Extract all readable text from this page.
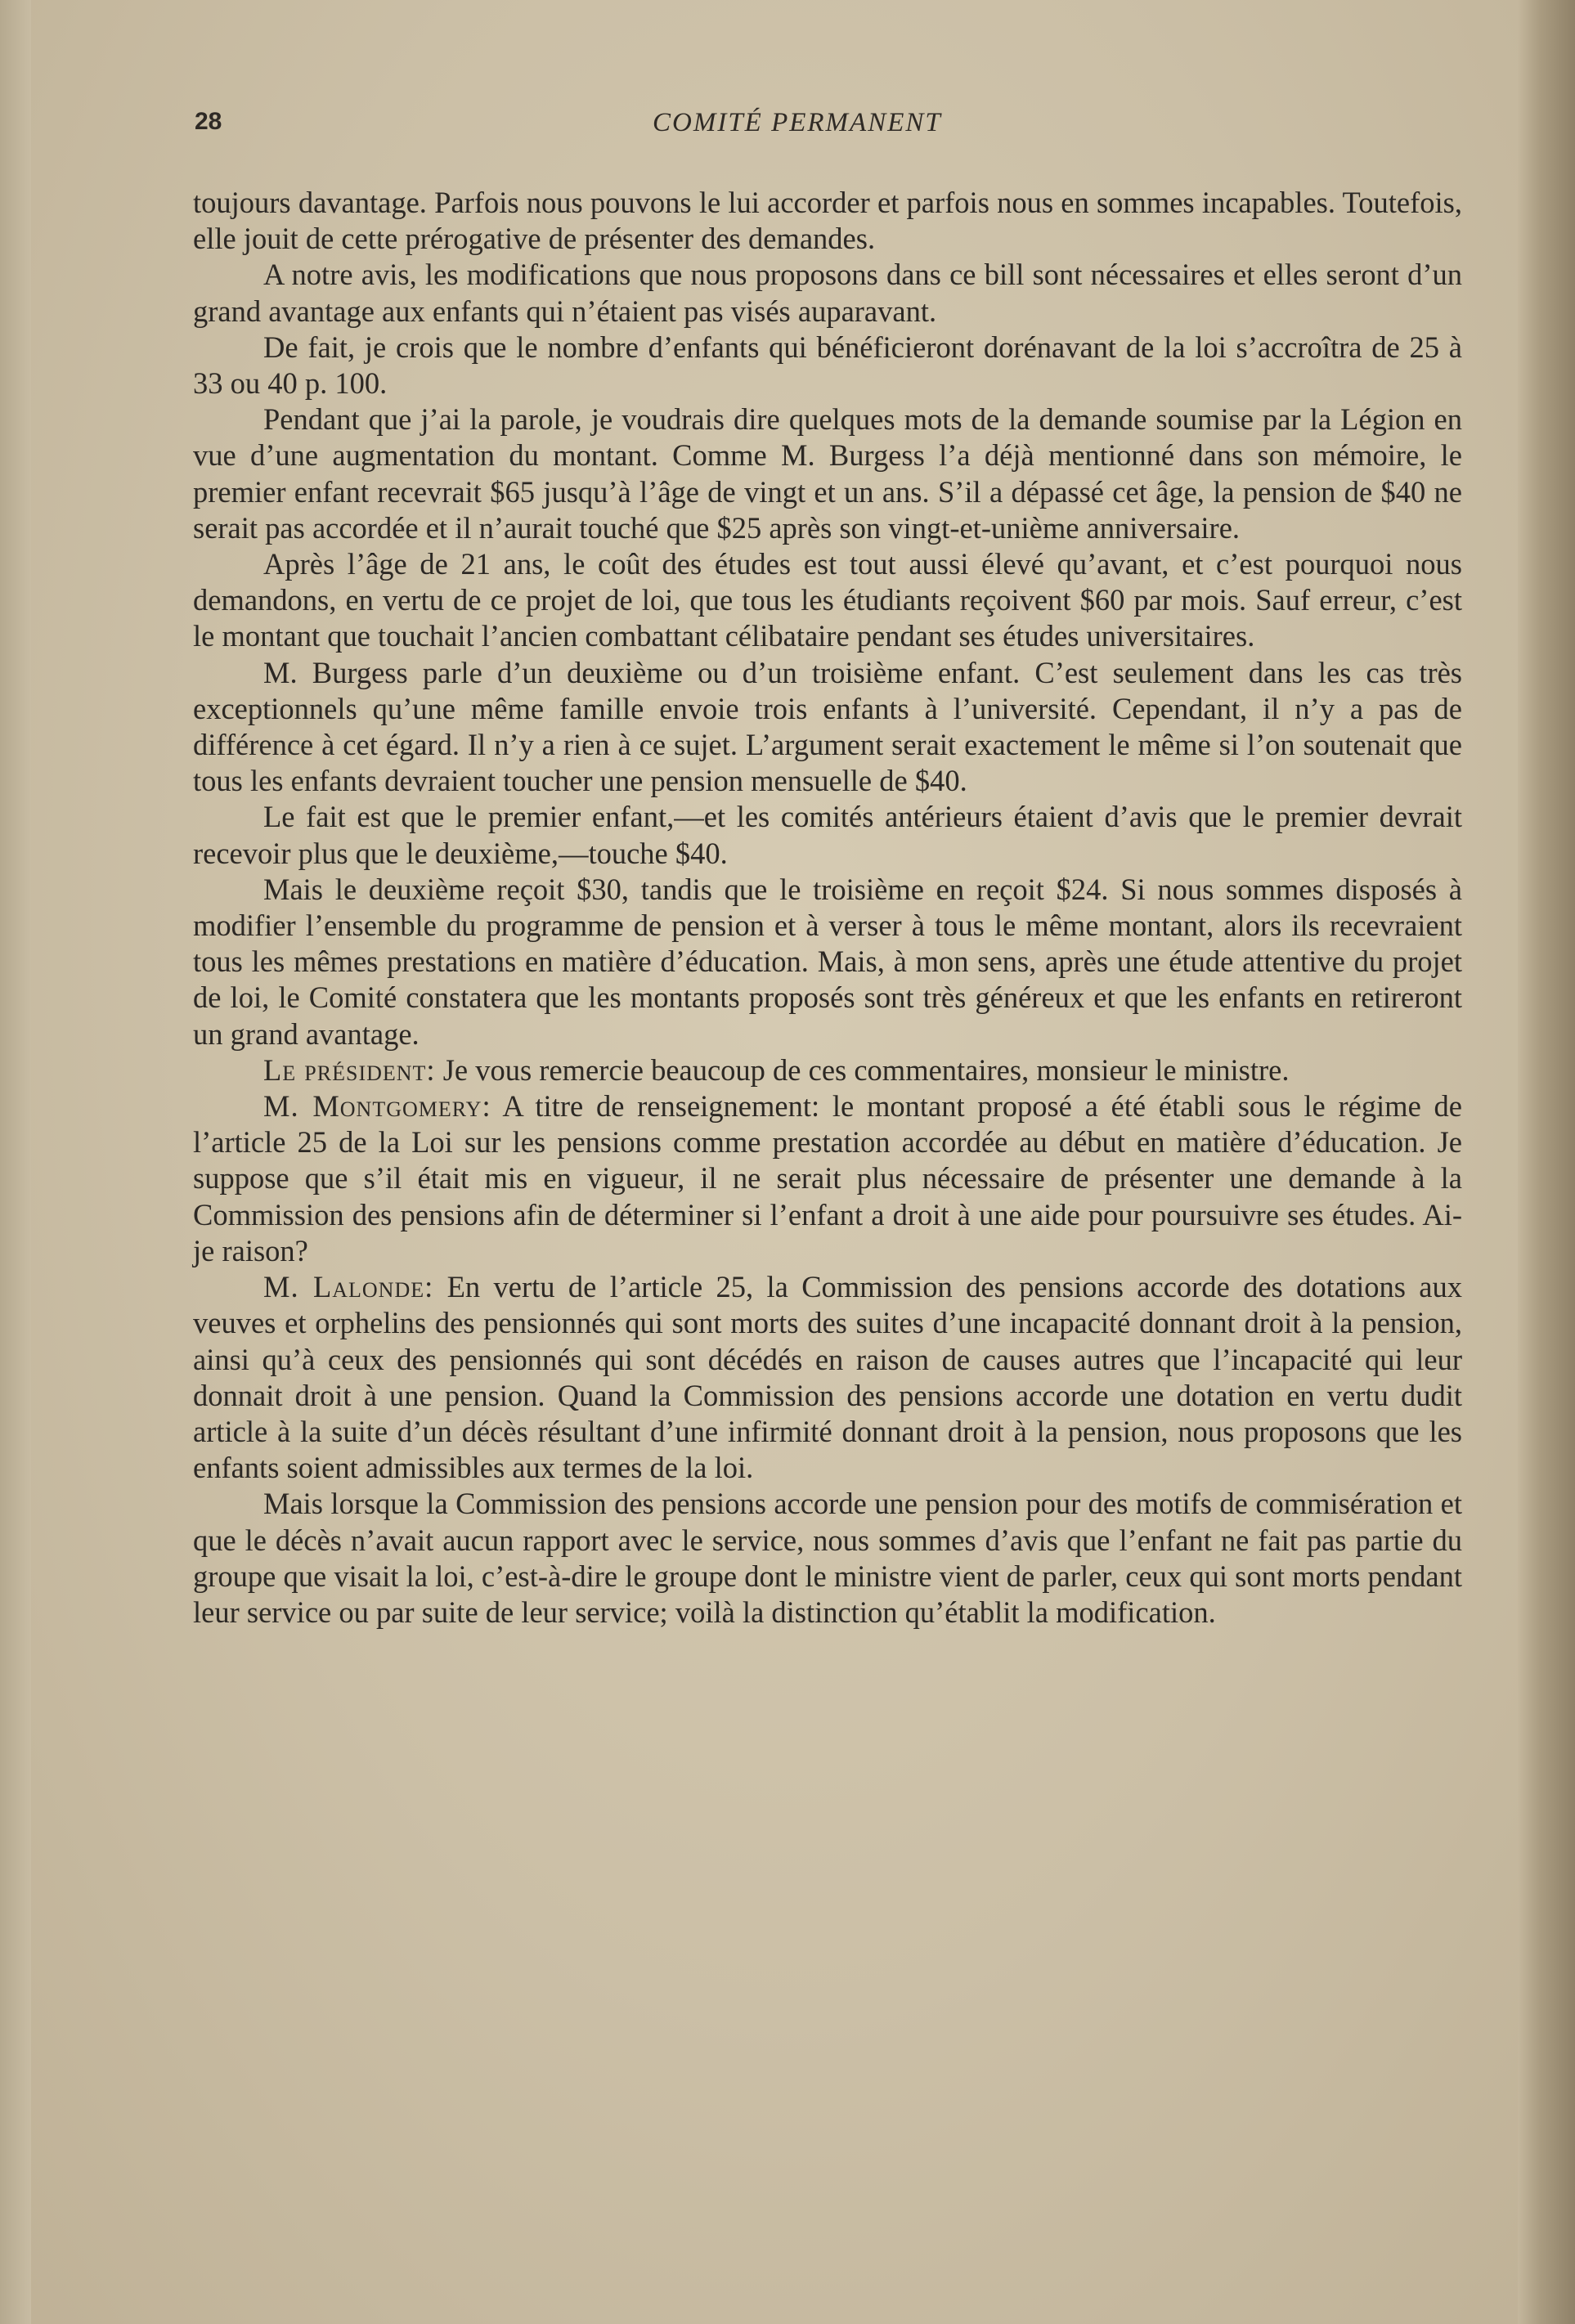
28	COMITÉ PERMANENT

toujours davantage. Parfois nous pouvons le lui accorder et parfois nous en sommes incapables. Toutefois, elle jouit de cette prérogative de présenter des demandes.

A notre avis, les modifications que nous proposons dans ce bill sont nécessaires et elles seront d’un grand avantage aux enfants qui n’étaient pas visés auparavant.

De fait, je crois que le nombre d’enfants qui bénéficieront dorénavant de la loi s’accroîtra de 25 à 33 ou 40 p. 100.

Pendant que j’ai la parole, je voudrais dire quelques mots de la demande soumise par la Légion en vue d’une augmentation du montant. Comme M. Burgess l’a déjà mentionné dans son mémoire, le premier enfant recevrait $65 jusqu’à l’âge de vingt et un ans. S’il a dépassé cet âge, la pension de $40 ne serait pas accordée et il n’aurait touché que $25 après son vingt-et-unième anniversaire.

Après l’âge de 21 ans, le coût des études est tout aussi élevé qu’avant, et c’est pourquoi nous demandons, en vertu de ce projet de loi, que tous les étudiants reçoivent $60 par mois. Sauf erreur, c’est le montant que touchait l’ancien combattant célibataire pendant ses études universitaires.

M. Burgess parle d’un deuxième ou d’un troisième enfant. C’est seulement dans les cas très exceptionnels qu’une même famille envoie trois enfants à l’université. Cependant, il n’y a pas de différence à cet égard. Il n’y a rien à ce sujet. L’argument serait exactement le même si l’on soutenait que tous les enfants devraient toucher une pension mensuelle de $40.

Le fait est que le premier enfant,—et les comités antérieurs étaient d’avis que le premier devrait recevoir plus que le deuxième,—touche $40.

Mais le deuxième reçoit $30, tandis que le troisième en reçoit $24. Si nous sommes disposés à modifier l’ensemble du programme de pension et à verser à tous le même montant, alors ils recevraient tous les mêmes prestations en matière d’éducation. Mais, à mon sens, après une étude attentive du projet de loi, le Comité constatera que les montants proposés sont très généreux et que les enfants en retireront un grand avantage.

Le président: Je vous remercie beaucoup de ces commentaires, monsieur le ministre.

M. Montgomery: A titre de renseignement: le montant proposé a été établi sous le régime de l’article 25 de la Loi sur les pensions comme prestation accordée au début en matière d’éducation. Je suppose que s’il était mis en vigueur, il ne serait plus nécessaire de présenter une demande à la Commission des pensions afin de déterminer si l’enfant a droit à une aide pour poursuivre ses études. Ai-je raison?

M. Lalonde: En vertu de l’article 25, la Commission des pensions accorde des dotations aux veuves et orphelins des pensionnés qui sont morts des suites d’une incapacité donnant droit à la pension, ainsi qu’à ceux des pensionnés qui sont décédés en raison de causes autres que l’incapacité qui leur donnait droit à une pension. Quand la Commission des pensions accorde une dotation en vertu dudit article à la suite d’un décès résultant d’une infirmité donnant droit à la pension, nous proposons que les enfants soient admissibles aux termes de la loi.

Mais lorsque la Commission des pensions accorde une pension pour des motifs de commisération et que le décès n’avait aucun rapport avec le service, nous sommes d’avis que l’enfant ne fait pas partie du groupe que visait la loi, c’est-à-dire le groupe dont le ministre vient de parler, ceux qui sont morts pendant leur service ou par suite de leur service; voilà la distinction qu’établit la modification.
